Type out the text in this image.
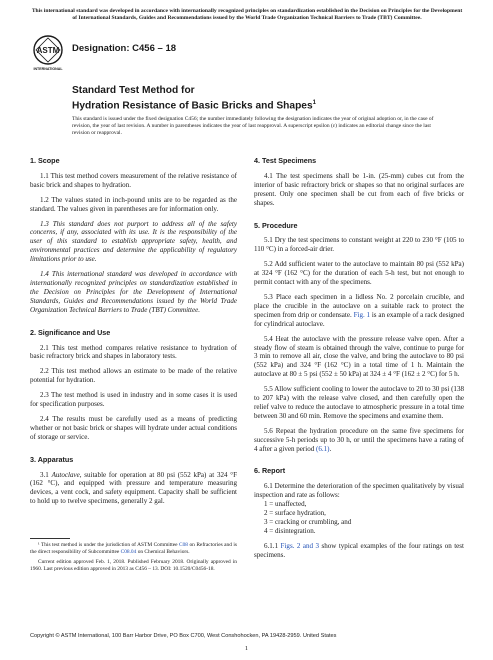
This international standard was developed in accordance with internationally recognized principles on standardization established in the Decision on Principles for the Development of International Standards, Guides and Recommendations issued by the World Trade Organization Technical Barriers to Trade (TBT) Committee.
ASTM
INTERNATIONAL
Designation: C456 – 18
Standard Test Method for
Hydration Resistance of Basic Bricks and Shapes$^1$
This standard is issued under the fixed designation C456; the number immediately following the designation indicates the year of original adoption or, in the case of revision, the year of last revision. A number in parentheses indicates the year of last reapproval. A superscript epsilon (ε) indicates an editorial change since the last revision or reapproval.
1. Scope
1.1 This test method covers measurement of the relative resistance of basic brick and shapes to hydration.
1.2 The values stated in inch-pound units are to be regarded as the standard. The values given in parentheses are for information only.
1.3 This standard does not purport to address all of the safety concerns, if any, associated with its use. It is the responsibility of the user of this standard to establish appropriate safety, health, and environmental practices and determine the applicability of regulatory limitations prior to use.
1.4 This international standard was developed in accordance with internationally recognized principles on standardization established in the Decision on Principles for the Development of International Standards, Guides and Recommendations issued by the World Trade Organization Technical Barriers to Trade (TBT) Committee.
2. Significance and Use
2.1 This test method compares relative resistance to hydration of basic refractory brick and shapes in laboratory tests.
2.2 This test method allows an estimate to be made of the relative potential for hydration.
2.3 The test method is used in industry and in some cases it is used for specification purposes.
2.4 The results must be carefully used as a means of predicting whether or not basic brick or shapes will hydrate under actual conditions of storage or service.
3. Apparatus
3.1 Autoclave, suitable for operation at 80 psi (552 kPa) at 324 °F (162 °C), and equipped with pressure and temperature measuring devices, a vent cock, and safety equipment. Capacity shall be sufficient to hold up to twelve specimens, generally 2 gal.
4. Test Specimens
4.1 The test specimens shall be 1-in. (25-mm) cubes cut from the interior of basic refractory brick or shapes so that no original surfaces are present. Only one specimen shall be cut from each of five bricks or shapes.
5. Procedure
5.1 Dry the test specimens to constant weight at 220 to 230 °F (105 to 110 °C) in a forced-air drier.
5.2 Add sufficient water to the autoclave to maintain 80 psi (552 kPa) at 324 °F (162 °C) for the duration of each 5-h test, but not enough to permit contact with any of the specimens.
5.3 Place each specimen in a lidless No. 2 porcelain crucible, and place the crucible in the autoclave on a suitable rack to protect the specimen from drip or condensate. Fig. 1 is an example of a rack designed for cylindrical autoclave.
5.4 Heat the autoclave with the pressure release valve open. After a steady flow of steam is obtained through the valve, continue to purge for 3 min to remove all air, close the valve, and bring the autoclave to 80 psi (552 kPa) and 324 °F (162 °C) in a total time of 1 h. Maintain the autoclave at 80 ± 5 psi (552 ± 50 kPa) at 324 ± 4 °F (162 ± 2 °C) for 5 h.
5.5 Allow sufficient cooling to lower the autoclave to 20 to 30 psi (138 to 207 kPa) with the release valve closed, and then carefully open the relief valve to reduce the autoclave to atmospheric pressure in a total time between 30 and 60 min. Remove the specimens and examine them.
5.6 Repeat the hydration procedure on the same five specimens for successive 5-h periods up to 30 h, or until the specimens have a rating of 4 after a given period (6.1).
6. Report
6.1 Determine the deterioration of the specimen qualitatively by visual inspection and rate as follows:
1 = unaffected,
2 = surface hydration,
3 = cracking or crumbling, and
4 = disintegration.
6.1.1 Figs. 2 and 3 show typical examples of the four ratings on test specimens.
¹ This test method is under the jurisdiction of ASTM Committee C08 on Refractories and is the direct responsibility of Subcommittee C08.04 on Chemical Behaviors.
Current edition approved Feb. 1, 2018. Published February 2018. Originally approved in 1960. Last previous edition approved in 2013 as C456 – 13. DOI: 10.1520/C0456-18.
Copyright © ASTM International, 100 Barr Harbor Drive, PO Box C700, West Conshohocken, PA 19428-2959. United States
1
